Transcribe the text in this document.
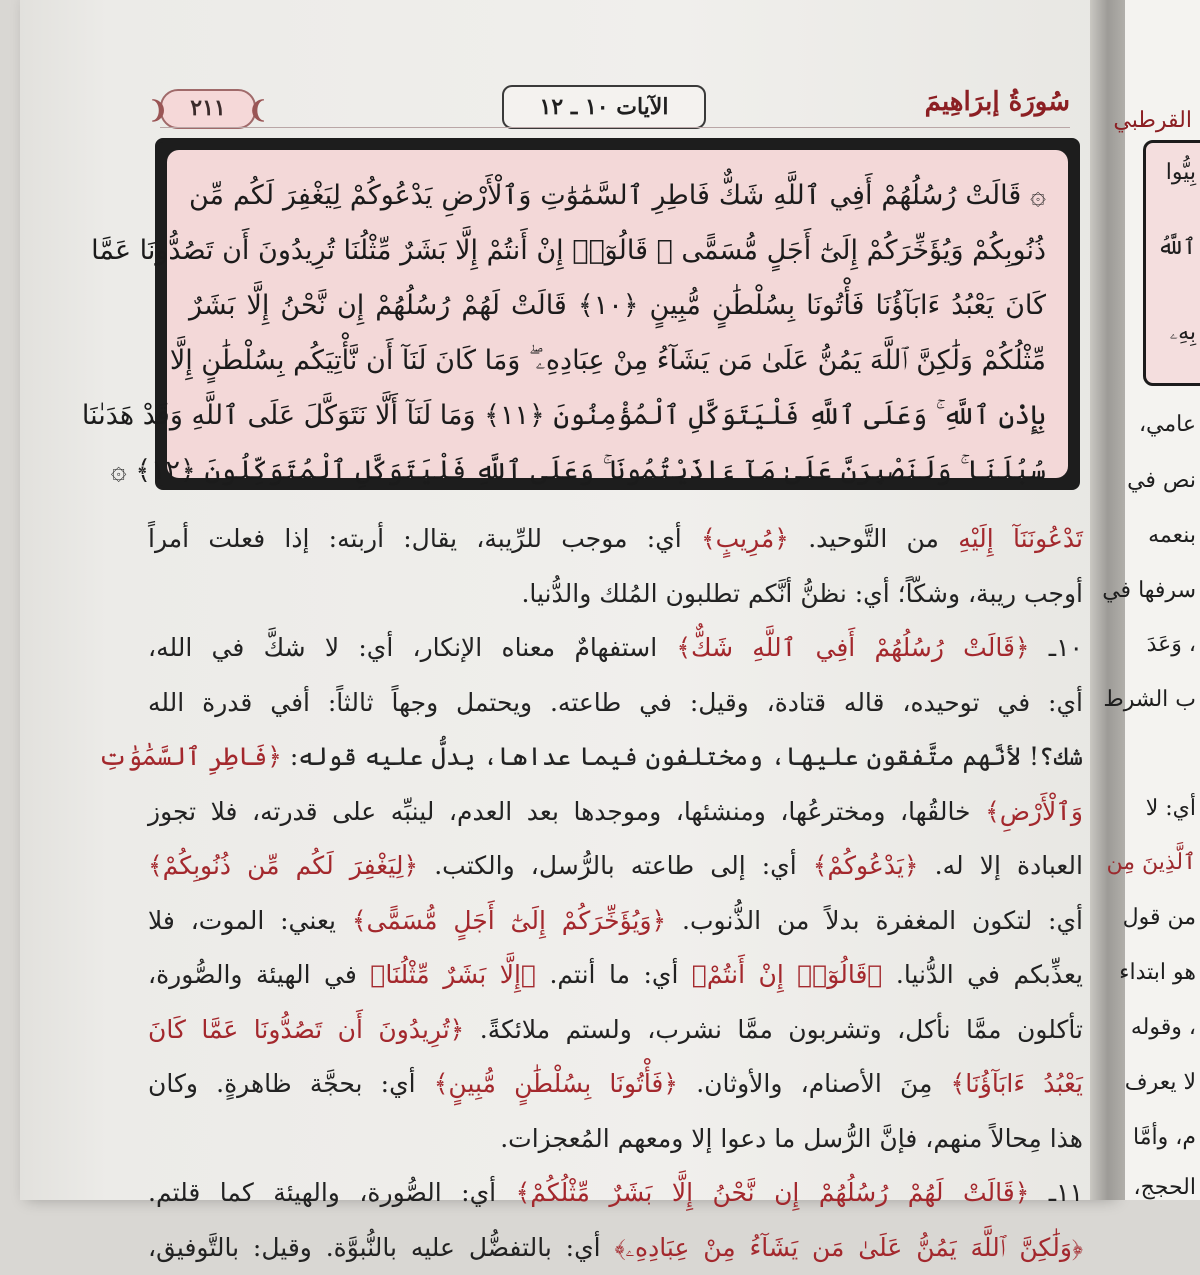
القرطبي
بِيُّوا
ٱللَّهُ
بِهِۦ
عامي،
نص في
بنعمه
سرفها في
، وَعَدَ
ب الشرط
أي: لا
ٱلَّذِينَ مِن
من قول
هو ابتداء
، وقوله
لا يعرف
م، وأمَّا
الحجج،
❨ ٢١١ ❩	الآيات ١٠ ـ ١٢	سُورَةُ إبرَاهِيمَ
۞ قَالَتْ رُسُلُهُمْ أَفِي ٱللَّهِ شَكٌّ فَاطِرِ ٱلسَّمَٰوَٰتِ وَٱلْأَرْضِ يَدْعُوكُمْ لِيَغْفِرَ لَكُم مِّن
ذُنُوبِكُمْ وَيُؤَخِّرَكُمْ إِلَىٰٓ أَجَلٍ مُّسَمًّى ۚ قَالُوٓا۟ إِنْ أَنتُمْ إِلَّا بَشَرٌ مِّثْلُنَا تُرِيدُونَ أَن تَصُدُّونَا عَمَّا
كَانَ يَعْبُدُ ءَابَآؤُنَا فَأْتُونَا بِسُلْطَٰنٍ مُّبِينٍ ﴿١٠﴾ قَالَتْ لَهُمْ رُسُلُهُمْ إِن نَّحْنُ إِلَّا بَشَرٌ
مِّثْلُكُمْ وَلَٰكِنَّ ٱللَّهَ يَمُنُّ عَلَىٰ مَن يَشَآءُ مِنْ عِبَادِهِۦ ۖ وَمَا كَانَ لَنَآ أَن نَّأْتِيَكُم بِسُلْطَٰنٍ إِلَّا
بِإِذْنِ ٱللَّهِ ۚ وَعَلَى ٱللَّهِ فَلْيَتَوَكَّلِ ٱلْمُؤْمِنُونَ ﴿١١﴾ وَمَا لَنَآ أَلَّا نَتَوَكَّلَ عَلَى ٱللَّهِ وَقَدْ هَدَىٰنَا
سُبُلَنَا ۚ وَلَنَصْبِرَنَّ عَلَىٰ مَآ ءَاذَيْتُمُونَا ۚ وَعَلَى ٱللَّهِ فَلْيَتَوَكَّلِ ٱلْمُتَوَكِّلُونَ ﴿١٢﴾ ۞
تَدْعُونَنَآ إِلَيْهِ من التَّوحيد. ﴿مُرِيبٍ﴾ أي: موجب للرِّيبة، يقال: أربته: إذا فعلت أمراً
أوجب ريبة، وشكّاً؛ أي: نظنُّ أنَّكم تطلبون المُلك والدُّنيا.
١٠ـ ﴿قَالَتْ رُسُلُهُمْ أَفِي ٱللَّهِ شَكٌّ﴾ استفهامٌ معناه الإنكار، أي: لا شكَّ في الله،
أي: في توحيده، قاله قتادة، وقيل: في طاعته. ويحتمل وجهاً ثالثاً: أفي قدرة الله
شك؟! لأنَّهم متَّفقون عليها، ومختلفون فيما عداها، يدلُّ عليه قوله: ﴿فَاطِرِ ٱلسَّمَٰوَٰتِ
وَٱلْأَرْضِ﴾ خالقُها، ومخترعُها، ومنشئها، وموجدها بعد العدم، لينبِّه على قدرته، فلا تجوز
العبادة إلا له. ﴿يَدْعُوكُمْ﴾ أي: إلى طاعته بالرُّسل، والكتب. ﴿لِيَغْفِرَ لَكُم مِّن ذُنُوبِكُمْ﴾
أي: لتكون المغفرة بدلاً من الذُّنوب. ﴿وَيُؤَخِّرَكُمْ إِلَىٰٓ أَجَلٍ مُّسَمًّى﴾ يعني: الموت، فلا
يعذِّبكم في الدُّنيا. ﴿قَالُوٓا۟ إِنْ أَنتُمْ﴾ أي: ما أنتم. ﴿إِلَّا بَشَرٌ مِّثْلُنَا﴾ في الهيئة والصُّورة،
تأكلون ممَّا نأكل، وتشربون ممَّا نشرب، ولستم ملائكةً. ﴿تُرِيدُونَ أَن تَصُدُّونَا عَمَّا كَانَ
يَعْبُدُ ءَابَآؤُنَا﴾ مِنَ الأصنام، والأوثان. ﴿فَأْتُونَا بِسُلْطَٰنٍ مُّبِينٍ﴾ أي: بحجَّة ظاهرةٍ. وكان
هذا مِحالاً منهم، فإنَّ الرُّسل ما دعوا إلا ومعهم المُعجزات.
١١ـ ﴿قَالَتْ لَهُمْ رُسُلُهُمْ إِن نَّحْنُ إِلَّا بَشَرٌ مِّثْلُكُمْ﴾ أي: الصُّورة، والهيئة كما قلتم.
﴿وَلَٰكِنَّ ٱللَّهَ يَمُنُّ عَلَىٰ مَن يَشَآءُ مِنْ عِبَادِهِۦ﴾ أي: بالتفضُّل عليه بالنُّبوَّة. وقيل: بالتَّوفيق،
